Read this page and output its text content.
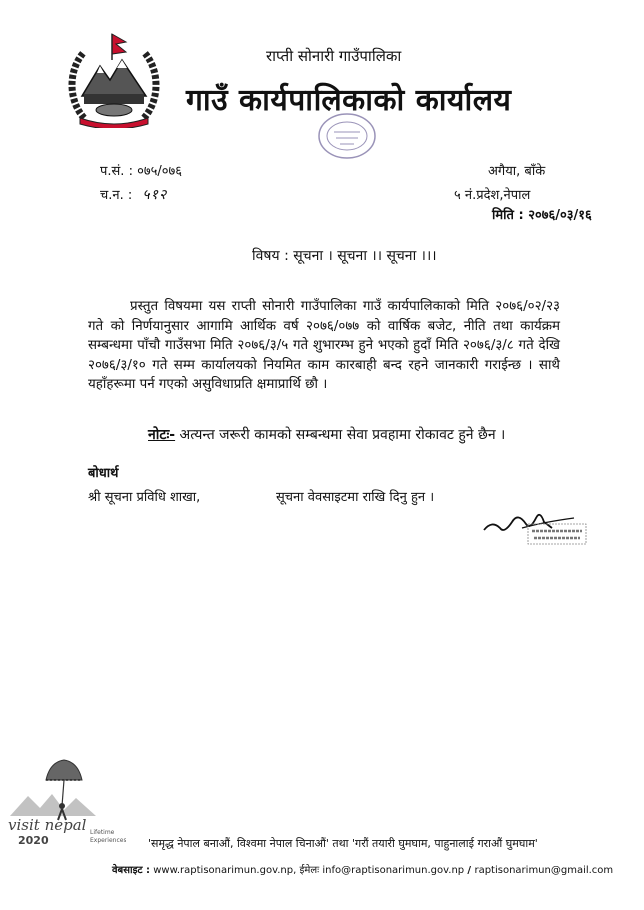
राप्ती सोनारी गाउँपालिका
गाउँ कार्यपालिकाको कार्यालय
प.सं. : ०७५/०७६
च.न. : ५१२
अगैया, बाँके
५ नं.प्रदेश,नेपाल
मिति : २०७६/०३/१६
विषय : सूचना । सूचना ।। सूचना ।।।
प्रस्तुत विषयमा यस राप्ती सोनारी गाउँपालिका गाउँ कार्यपालिकाको मिति २०७६/०२/२३ गते को निर्णयानुसार आगामि आर्थिक वर्ष २०७६/०७७ को वार्षिक बजेट, नीति तथा कार्यक्रम सम्बन्धमा पाँचौ गाउँसभा मिति २०७६/३/५ गते शुभारम्भ हुने भएको हुदाँ मिति २०७६/३/८ गते देखि २०७६/३/१० गते सम्म कार्यालयको नियमित काम कारबाही बन्द रहने जानकारी गराईन्छ । साथै यहाँहरूमा पर्न गएको असुविधाप्रति क्षमाप्रार्थि छौ ।
नोटः- अत्यन्त जरूरी कामको सम्बन्धमा सेवा प्रवहामा रोकावट हुने छैन ।
बोधार्थ
श्री सूचना प्रविधि शाखा,	सूचना वेवसाइटमा राखि दिनु हुन ।
visit nepal
2020
Lifetime
Experiences 'समृद्ध नेपाल बनाऔं, विश्वमा नेपाल चिनाऔं' तथा 'गरौं तयारी घुमघाम, पाहुनालाई गराऔं घुमघाम'
वेबसाइट : www.raptisonarimun.gov.np, ईमेलः info@raptisonarimun.gov.np / raptisonarimun@gmail.com
